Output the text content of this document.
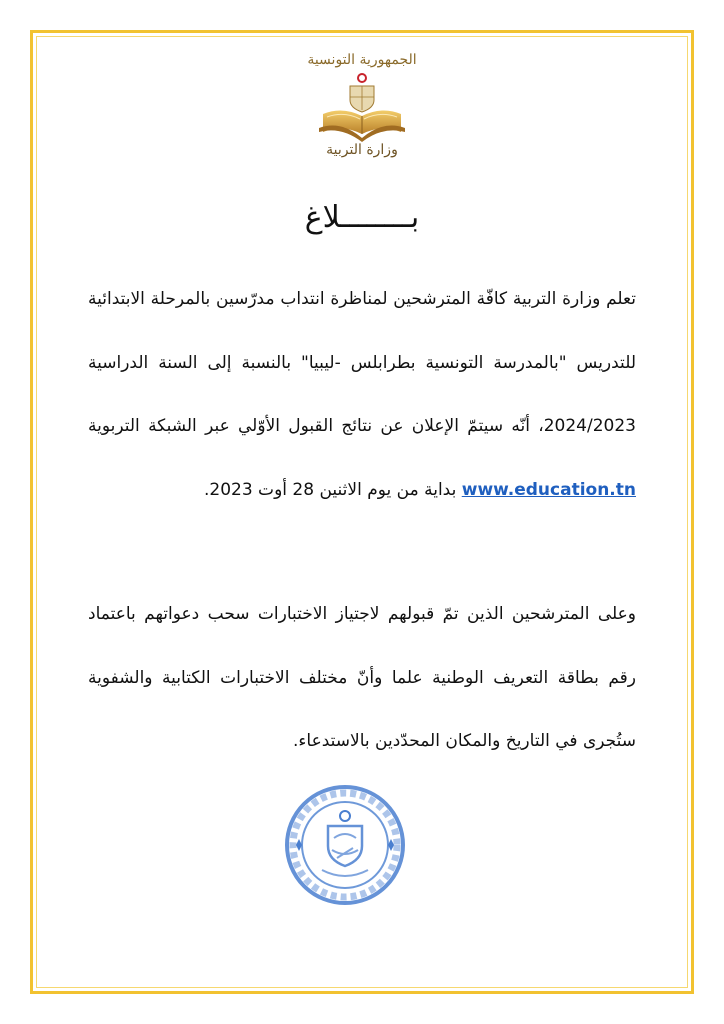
الجمهورية التونسية
وزارة التربية
بــــــــلاغ
تعلم وزارة التربية كافّة المترشحين لمناظرة انتداب مدرّسين بالمرحلة الابتدائية للتدريس "بالمدرسة التونسية بطرابلس -ليبيا" بالنسبة إلى السنة الدراسية 2024/2023، أنّه سيتمّ الإعلان عن نتائج القبول الأوّلي عبر الشبكة التربوية www.education.tn بداية من يوم الاثنين 28 أوت 2023.
وعلى المترشحين الذين تمّ قبولهم لاجتياز الاختبارات سحب دعواتهم باعتماد رقم بطاقة التعريف الوطنية علما وأنّ مختلف الاختبارات الكتابية والشفوية ستُجرى في التاريخ والمكان المحدّدين بالاستدعاء.
